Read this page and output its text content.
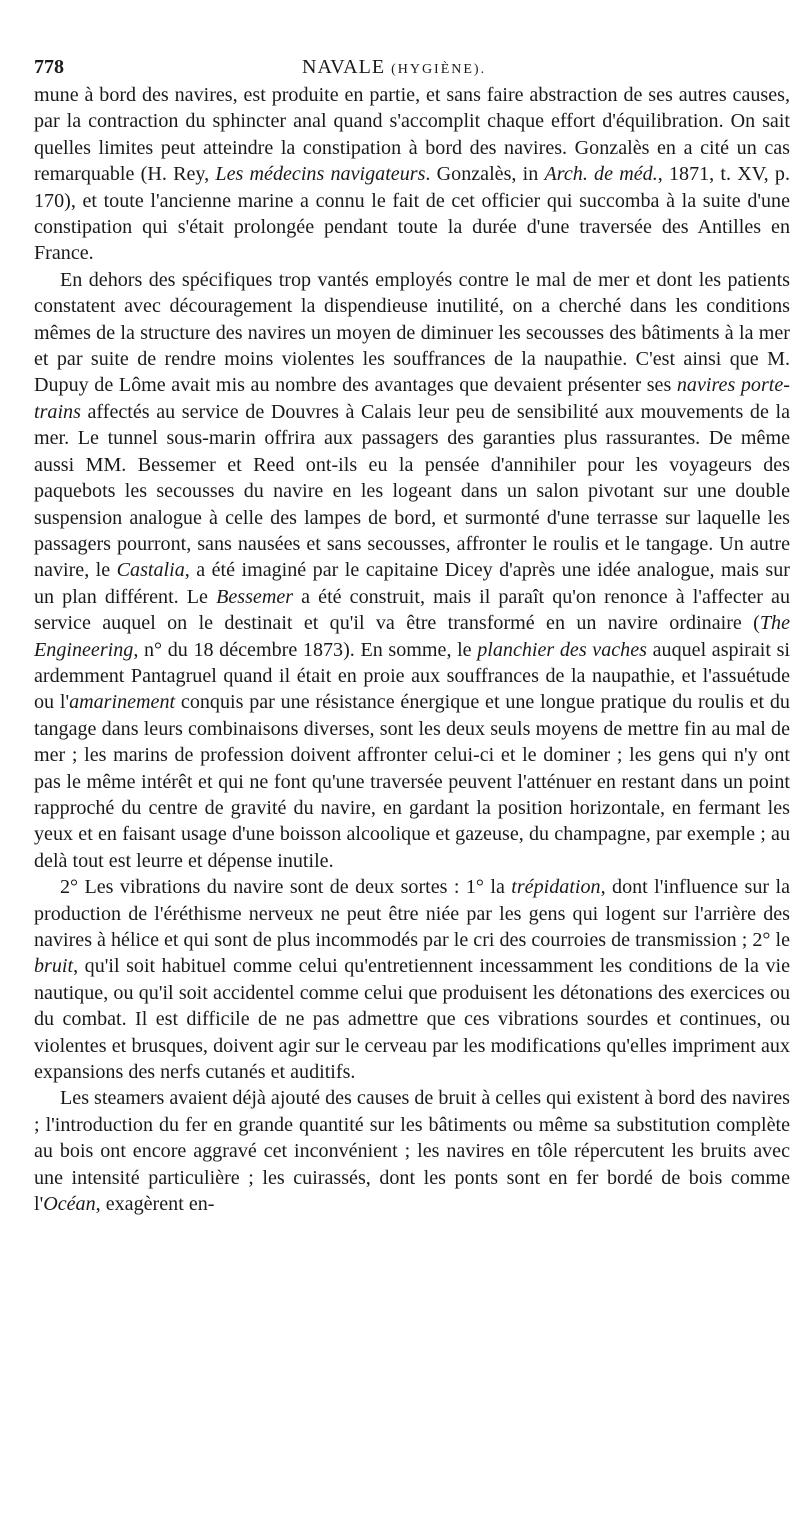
778	NAVALE (HYGIÈNE).

mune à bord des navires, est produite en partie, et sans faire abstraction de ses autres causes, par la contraction du sphincter anal quand s'accomplit chaque effort d'équilibration. On sait quelles limites peut atteindre la constipation à bord des navires. Gonzalès en a cité un cas remarquable (H. Rey, Les médecins navigateurs. Gonzalès, in Arch. de méd., 1871, t. XV, p. 170), et toute l'ancienne marine a connu le fait de cet officier qui succomba à la suite d'une constipation qui s'était prolongée pendant toute la durée d'une traversée des Antilles en France.

En dehors des spécifiques trop vantés employés contre le mal de mer et dont les patients constatent avec découragement la dispendieuse inutilité, on a cherché dans les conditions mêmes de la structure des navires un moyen de diminuer les secousses des bâtiments à la mer et par suite de rendre moins violentes les souffrances de la naupathie. C'est ainsi que M. Dupuy de Lôme avait mis au nombre des avantages que devaient présenter ses navires porte-trains affectés au service de Douvres à Calais leur peu de sensibilité aux mouvements de la mer. Le tunnel sous-marin offrira aux passagers des garanties plus rassurantes. De même aussi MM. Bessemer et Reed ont-ils eu la pensée d'annihiler pour les voyageurs des paquebots les secousses du navire en les logeant dans un salon pivotant sur une double suspension analogue à celle des lampes de bord, et surmonté d'une terrasse sur laquelle les passagers pourront, sans nausées et sans secousses, affronter le roulis et le tangage. Un autre navire, le Castalia, a été imaginé par le capitaine Dicey d'après une idée analogue, mais sur un plan différent. Le Bessemer a été construit, mais il paraît qu'on renonce à l'affecter au service auquel on le destinait et qu'il va être transformé en un navire ordinaire (The Engineering, n° du 18 décembre 1873). En somme, le planchier des vaches auquel aspirait si ardemment Pantagruel quand il était en proie aux souffrances de la naupathie, et l'assuétude ou l'amarinement conquis par une résistance énergique et une longue pratique du roulis et du tangage dans leurs combinaisons diverses, sont les deux seuls moyens de mettre fin au mal de mer ; les marins de profession doivent affronter celui-ci et le dominer ; les gens qui n'y ont pas le même intérêt et qui ne font qu'une traversée peuvent l'atténuer en restant dans un point rapproché du centre de gravité du navire, en gardant la position horizontale, en fermant les yeux et en faisant usage d'une boisson alcoolique et gazeuse, du champagne, par exemple ; au delà tout est leurre et dépense inutile.

2° Les vibrations du navire sont de deux sortes : 1° la trépidation, dont l'influence sur la production de l'éréthisme nerveux ne peut être niée par les gens qui logent sur l'arrière des navires à hélice et qui sont de plus incommodés par le cri des courroies de transmission ; 2° le bruit, qu'il soit habituel comme celui qu'entretiennent incessamment les conditions de la vie nautique, ou qu'il soit accidentel comme celui que produisent les détonations des exercices ou du combat. Il est difficile de ne pas admettre que ces vibrations sourdes et continues, ou violentes et brusques, doivent agir sur le cerveau par les modifications qu'elles impriment aux expansions des nerfs cutanés et auditifs.

Les steamers avaient déjà ajouté des causes de bruit à celles qui existent à bord des navires ; l'introduction du fer en grande quantité sur les bâtiments ou même sa substitution complète au bois ont encore aggravé cet inconvénient ; les navires en tôle répercutent les bruits avec une intensité particulière ; les cuirassés, dont les ponts sont en fer bordé de bois comme l'Océan, exagèrent en-
